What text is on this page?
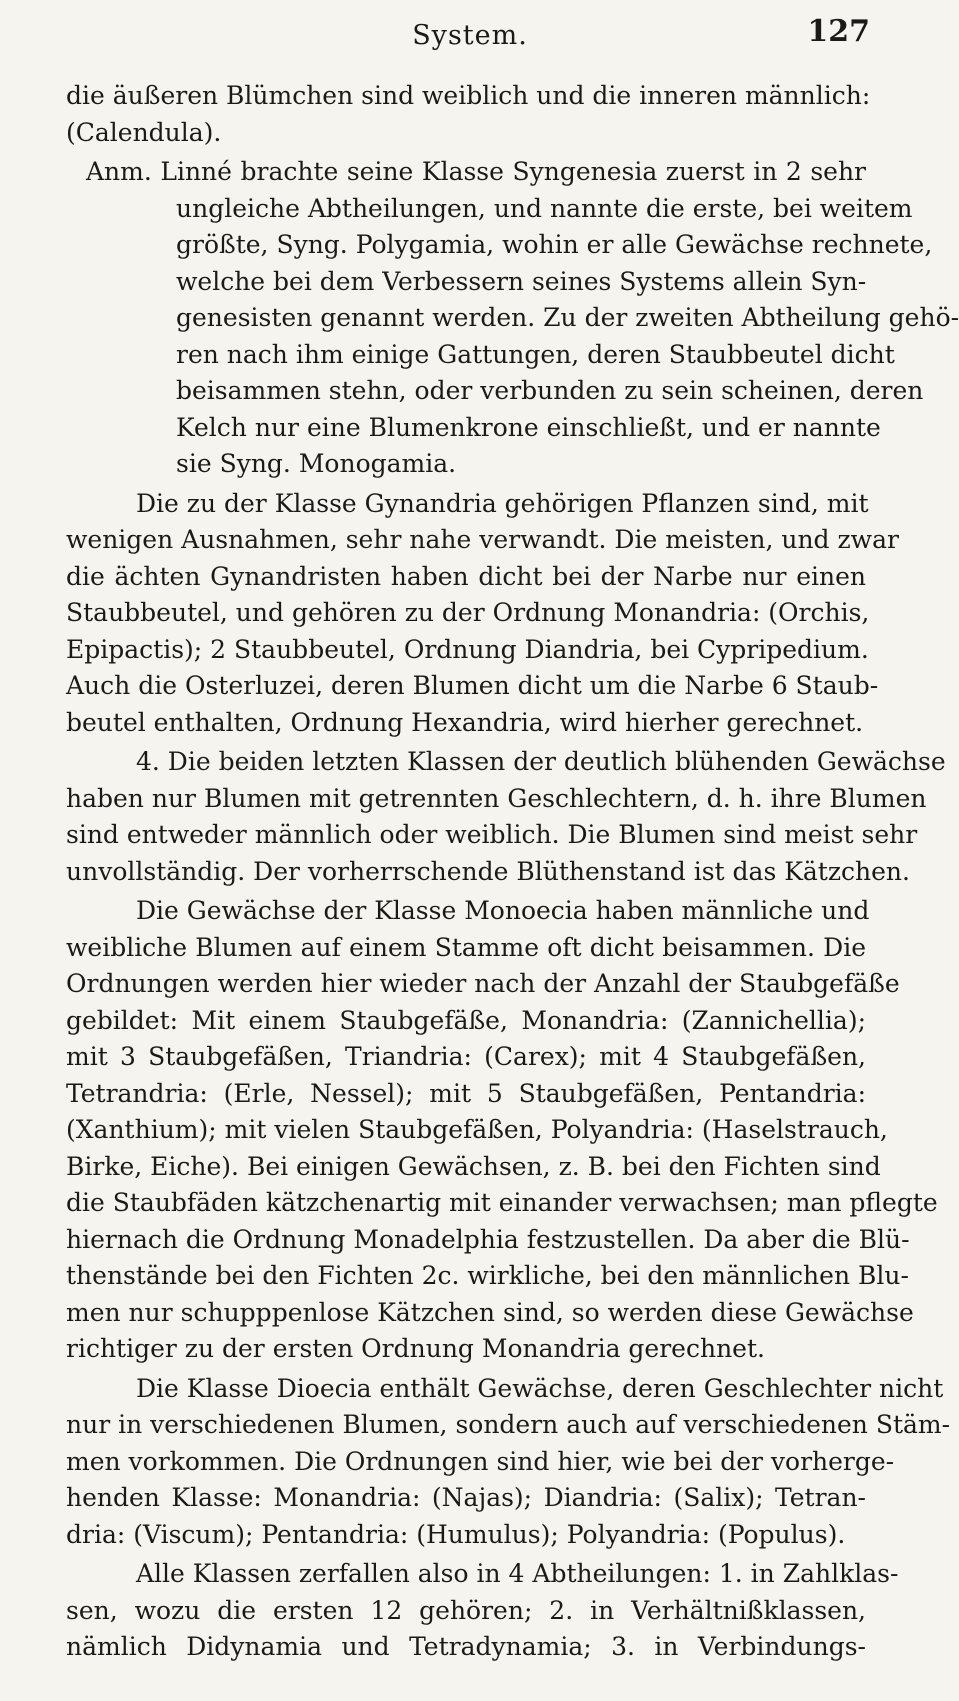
System.	127
die äußeren Blümchen sind weiblich und die inneren männlich:
(Calendula).
Anm. Linné brachte seine Klasse Syngenesia zuerst in 2 sehr
ungleiche Abtheilungen, und nannte die erste, bei weitem
größte, Syng. Polygamia, wohin er alle Gewächse rechnete,
welche bei dem Verbessern seines Systems allein Syn-
genesisten genannt werden. Zu der zweiten Abtheilung gehö-
ren nach ihm einige Gattungen, deren Staubbeutel dicht
beisammen stehn, oder verbunden zu sein scheinen, deren
Kelch nur eine Blumenkrone einschließt, und er nannte
sie Syng. Monogamia.
Die zu der Klasse Gynandria gehörigen Pflanzen sind, mit
wenigen Ausnahmen, sehr nahe verwandt. Die meisten, und zwar
die ächten Gynandristen haben dicht bei der Narbe nur einen
Staubbeutel, und gehören zu der Ordnung Monandria: (Orchis,
Epipactis); 2 Staubbeutel, Ordnung Diandria, bei Cypripedium.
Auch die Osterluzei, deren Blumen dicht um die Narbe 6 Staub-
beutel enthalten, Ordnung Hexandria, wird hierher gerechnet.
4. Die beiden letzten Klassen der deutlich blühenden Gewächse
haben nur Blumen mit getrennten Geschlechtern, d. h. ihre Blumen
sind entweder männlich oder weiblich. Die Blumen sind meist sehr
unvollständig. Der vorherrschende Blüthenstand ist das Kätzchen.
Die Gewächse der Klasse Monoecia haben männliche und
weibliche Blumen auf einem Stamme oft dicht beisammen. Die
Ordnungen werden hier wieder nach der Anzahl der Staubgefäße
gebildet: Mit einem Staubgefäße, Monandria: (Zannichellia);
mit 3 Staubgefäßen, Triandria: (Carex); mit 4 Staubgefäßen,
Tetrandria: (Erle, Nessel); mit 5 Staubgefäßen, Pentandria:
(Xanthium); mit vielen Staubgefäßen, Polyandria: (Haselstrauch,
Birke, Eiche). Bei einigen Gewächsen, z. B. bei den Fichten sind
die Staubfäden kätzchenartig mit einander verwachsen; man pflegte
hiernach die Ordnung Monadelphia festzustellen. Da aber die Blü-
thenstände bei den Fichten 2c. wirkliche, bei den männlichen Blu-
men nur schupppenlose Kätzchen sind, so werden diese Gewächse
richtiger zu der ersten Ordnung Monandria gerechnet.
Die Klasse Dioecia enthält Gewächse, deren Geschlechter nicht
nur in verschiedenen Blumen, sondern auch auf verschiedenen Stäm-
men vorkommen. Die Ordnungen sind hier, wie bei der vorherge-
henden Klasse: Monandria: (Najas); Diandria: (Salix); Tetran-
dria: (Viscum); Pentandria: (Humulus); Polyandria: (Populus).
Alle Klassen zerfallen also in 4 Abtheilungen: 1. in Zahlklas-
sen, wozu die ersten 12 gehören; 2. in Verhältnißklassen,
nämlich Didynamia und Tetradynamia; 3. in Verbindungs-
